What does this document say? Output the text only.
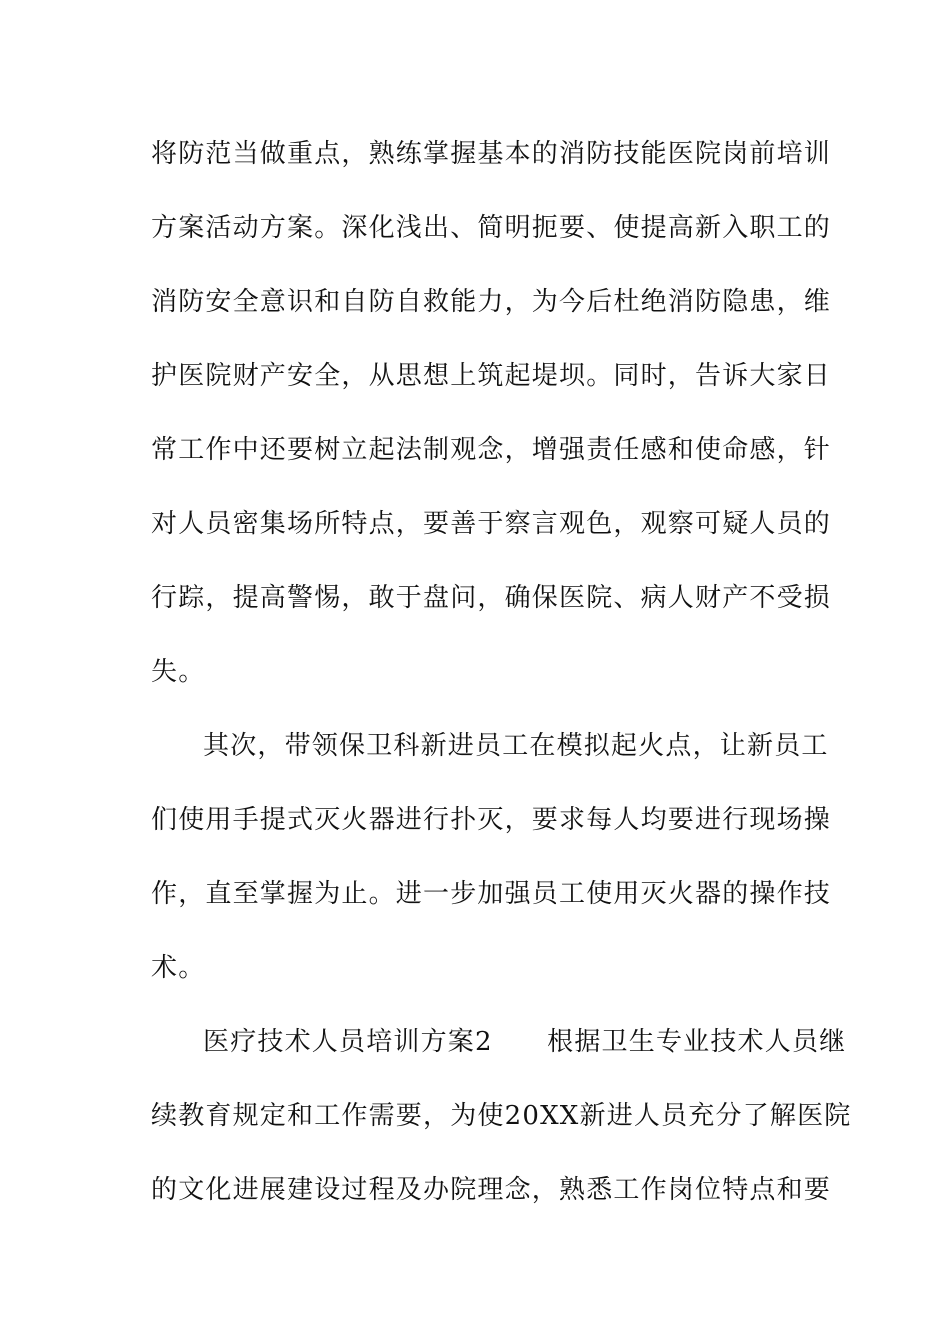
将防范当做重点，熟练掌握基本的消防技能医院岗前培训
方案活动方案。深化浅出、简明扼要、使提高新入职工的
消防安全意识和自防自救能力，为今后杜绝消防隐患，维
护医院财产安全，从思想上筑起堤坝。同时，告诉大家日
常工作中还要树立起法制观念，增强责任感和使命感，针
对人员密集场所特点，要善于察言观色，观察可疑人员的
行踪，提高警惕，敢于盘问，确保医院、病人财产不受损
失。
其次，带领保卫科新进员工在模拟起火点，让新员工
们使用手提式灭火器进行扑灭，要求每人均要进行现场操
作，直至掌握为止。进一步加强员工使用灭火器的操作技
术。
医疗技术人员培训方案2　　根据卫生专业技术人员继
续教育规定和工作需要，为使20XX新进人员充分了解医院
的文化进展建设过程及办院理念，熟悉工作岗位特点和要
